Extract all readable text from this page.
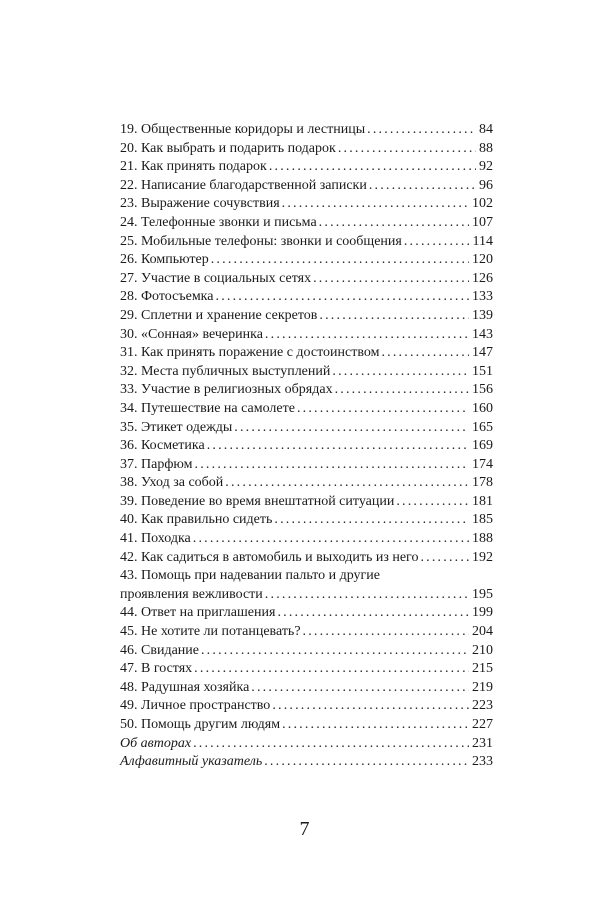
19. Общественные коридоры и лестницы .....	84
20. Как выбрать и подарить подарок .....	88
21. Как принять подарок .....	92
22. Написание благодарственной записки .....	96
23. Выражение сочувствия .....	102
24. Телефонные звонки и письма .....	107
25. Мобильные телефоны: звонки и сообщения .....	114
26. Компьютер .....	120
27. Участие в социальных сетях .....	126
28. Фотосъемка .....	133
29. Сплетни и хранение секретов .....	139
30. «Сонная» вечеринка .....	143
31. Как принять поражение с достоинством .....	147
32. Места публичных выступлений .....	151
33. Участие в религиозных обрядах .....	156
34. Путешествие на самолете .....	160
35. Этикет одежды .....	165
36. Косметика .....	169
37. Парфюм .....	174
38. Уход за собой .....	178
39. Поведение во время внештатной ситуации .....	181
40. Как правильно сидеть .....	185
41. Походка .....	188
42. Как садиться в автомобиль и выходить из него .....	192
43. Помощь при надевании пальто и другие
проявления вежливости .....	195
44. Ответ на приглашения .....	199
45. Не хотите ли потанцевать? .....	204
46. Свидание .....	210
47. В гостях .....	215
48. Радушная хозяйка .....	219
49. Личное пространство .....	223
50. Помощь другим людям .....	227
Об авторах .....	231
Алфавитный указатель .....	233
7
